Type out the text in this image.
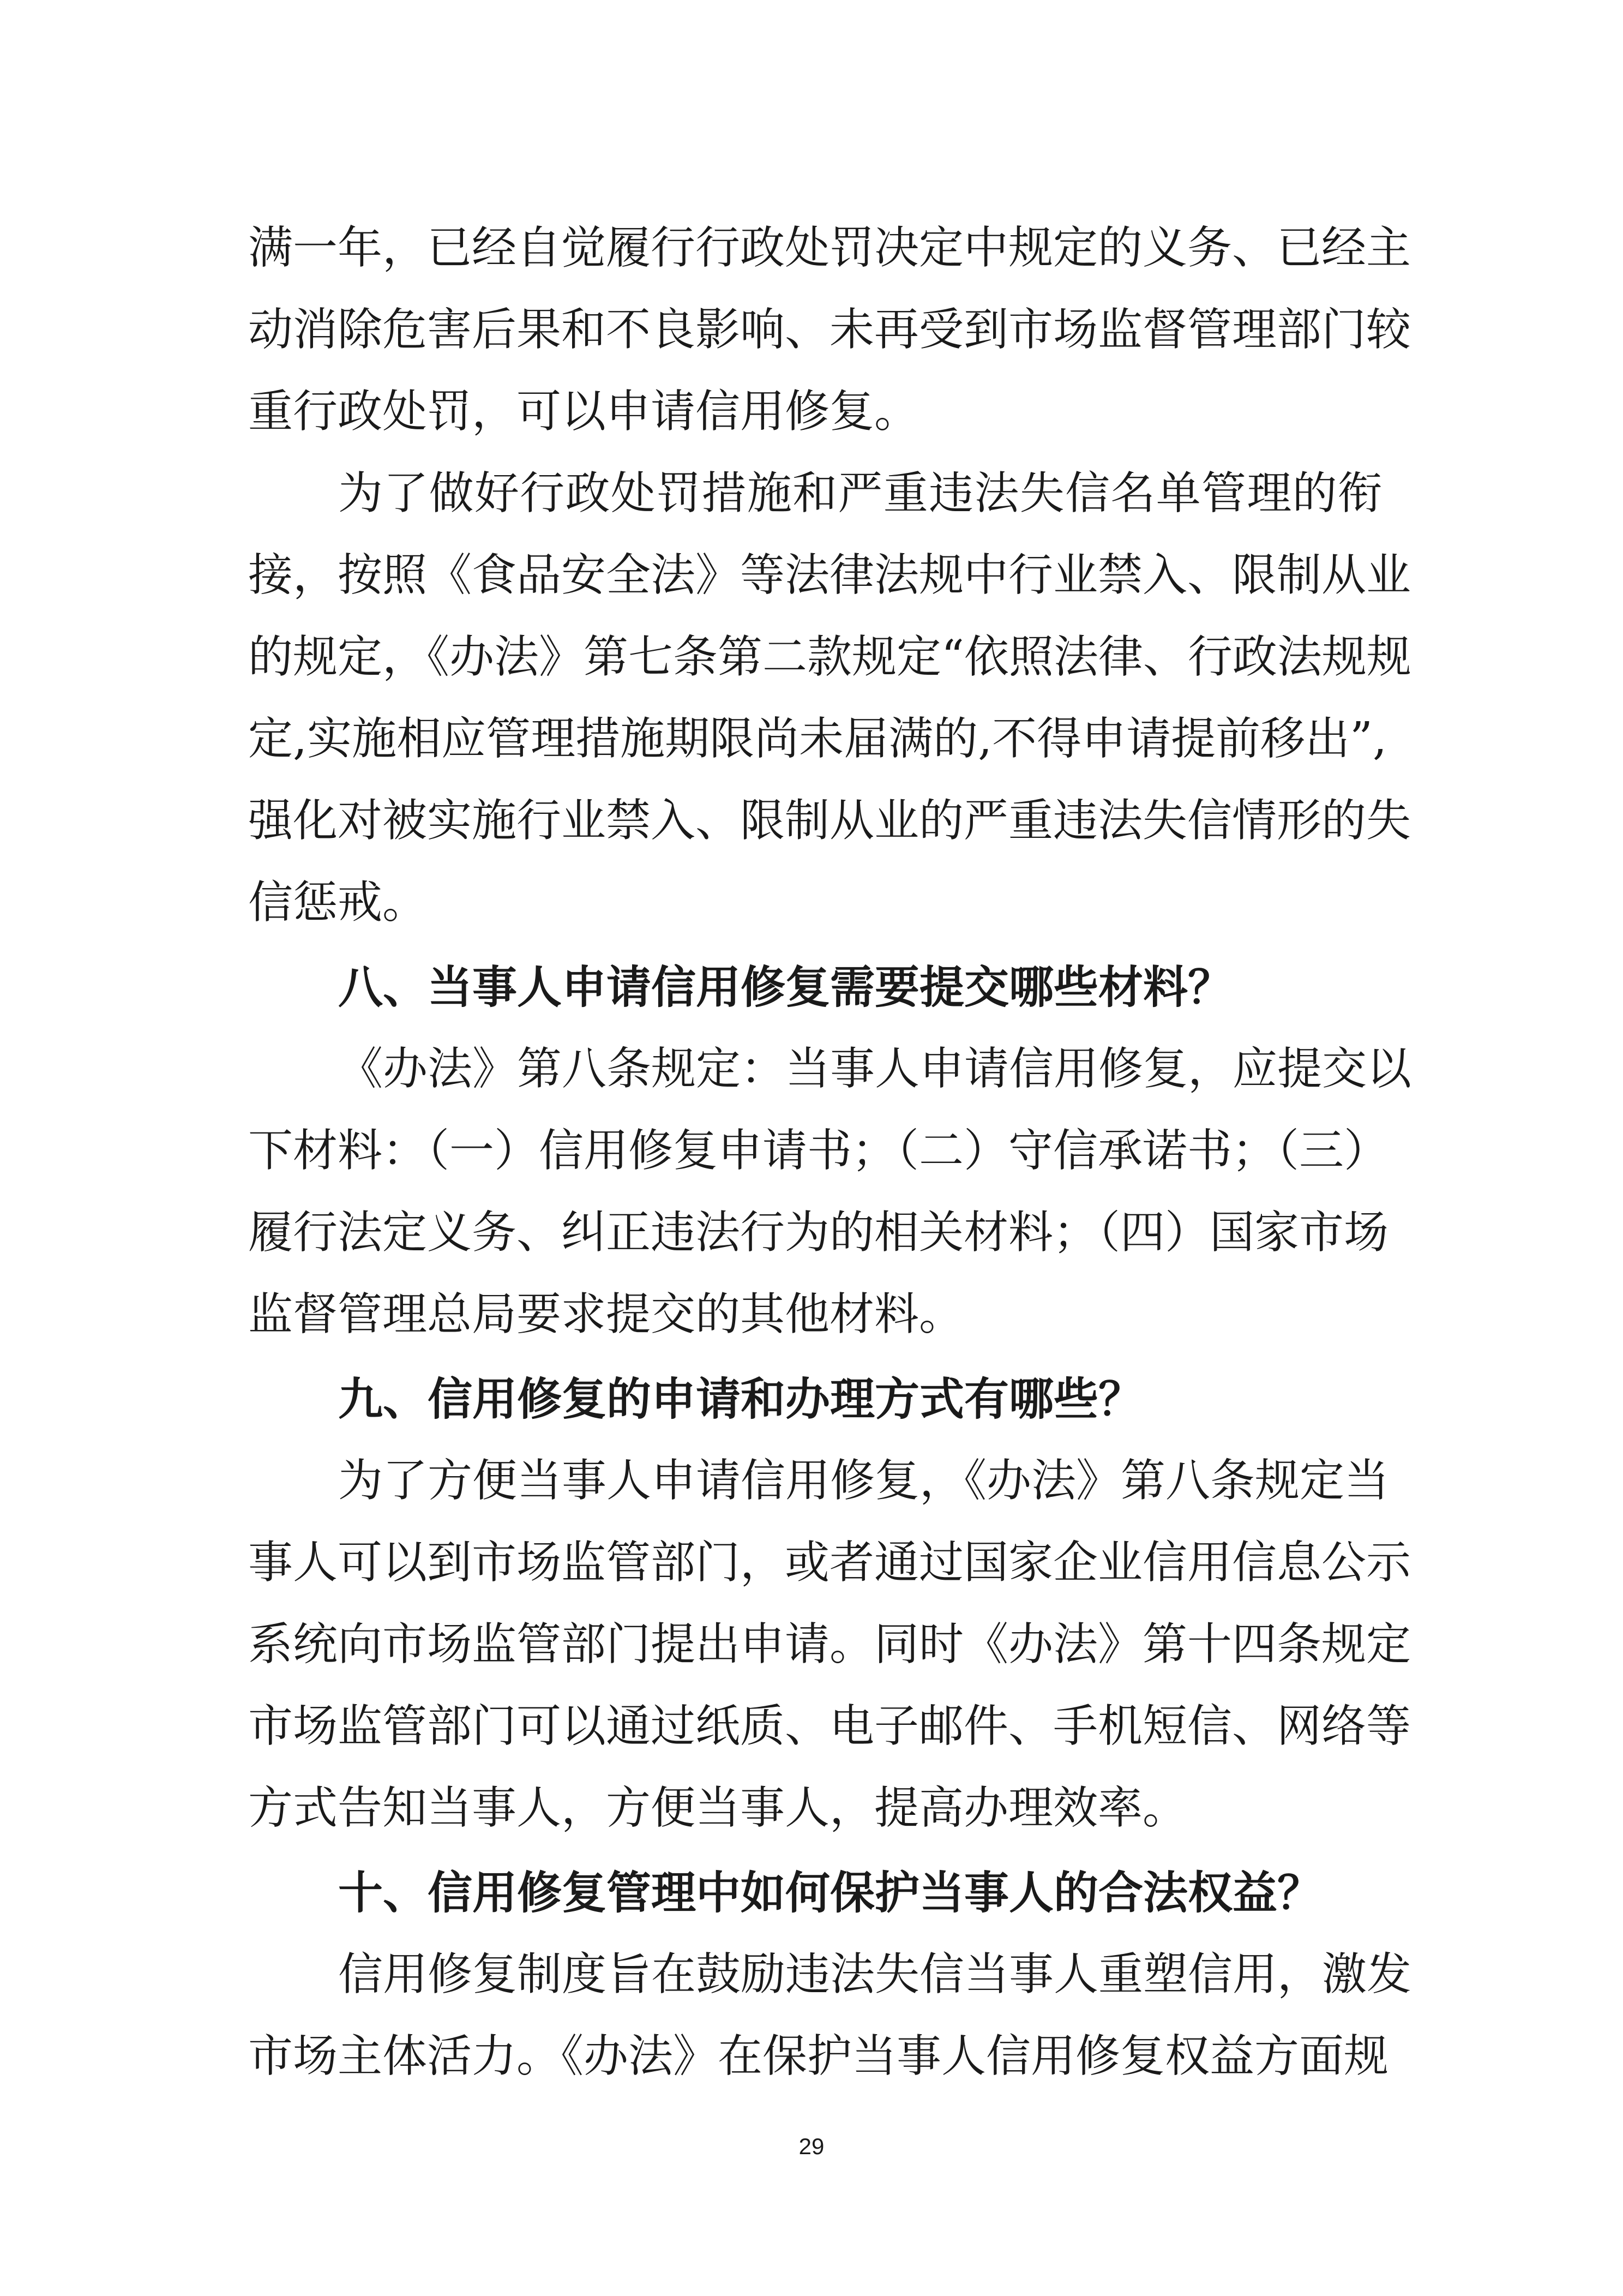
满一年，已经自觉履行行政处罚决定中规定的义务、已经主
动消除危害后果和不良影响、未再受到市场监督管理部门较
重行政处罚，可以申请信用修复。
为了做好行政处罚措施和严重违法失信名单管理的衔
接，按照《食品安全法》等法律法规中行业禁入、限制从业
的规定，《办法》第七条第二款规定“依照法律、行政法规规
定,实施相应管理措施期限尚未届满的,不得申请提前移出”,
强化对被实施行业禁入、限制从业的严重违法失信情形的失
信惩戒。
八、当事人申请信用修复需要提交哪些材料？
《办法》第八条规定：当事人申请信用修复，应提交以
下材料：（一）信用修复申请书；（二）守信承诺书；（三）
履行法定义务、纠正违法行为的相关材料；（四）国家市场
监督管理总局要求提交的其他材料。
九、信用修复的申请和办理方式有哪些？
为了方便当事人申请信用修复，《办法》第八条规定当
事人可以到市场监管部门，或者通过国家企业信用信息公示
系统向市场监管部门提出申请。同时《办法》第十四条规定
市场监管部门可以通过纸质、电子邮件、手机短信、网络等
方式告知当事人，方便当事人，提高办理效率。
十、信用修复管理中如何保护当事人的合法权益？
信用修复制度旨在鼓励违法失信当事人重塑信用，激发
市场主体活力。《办法》在保护当事人信用修复权益方面规
29
